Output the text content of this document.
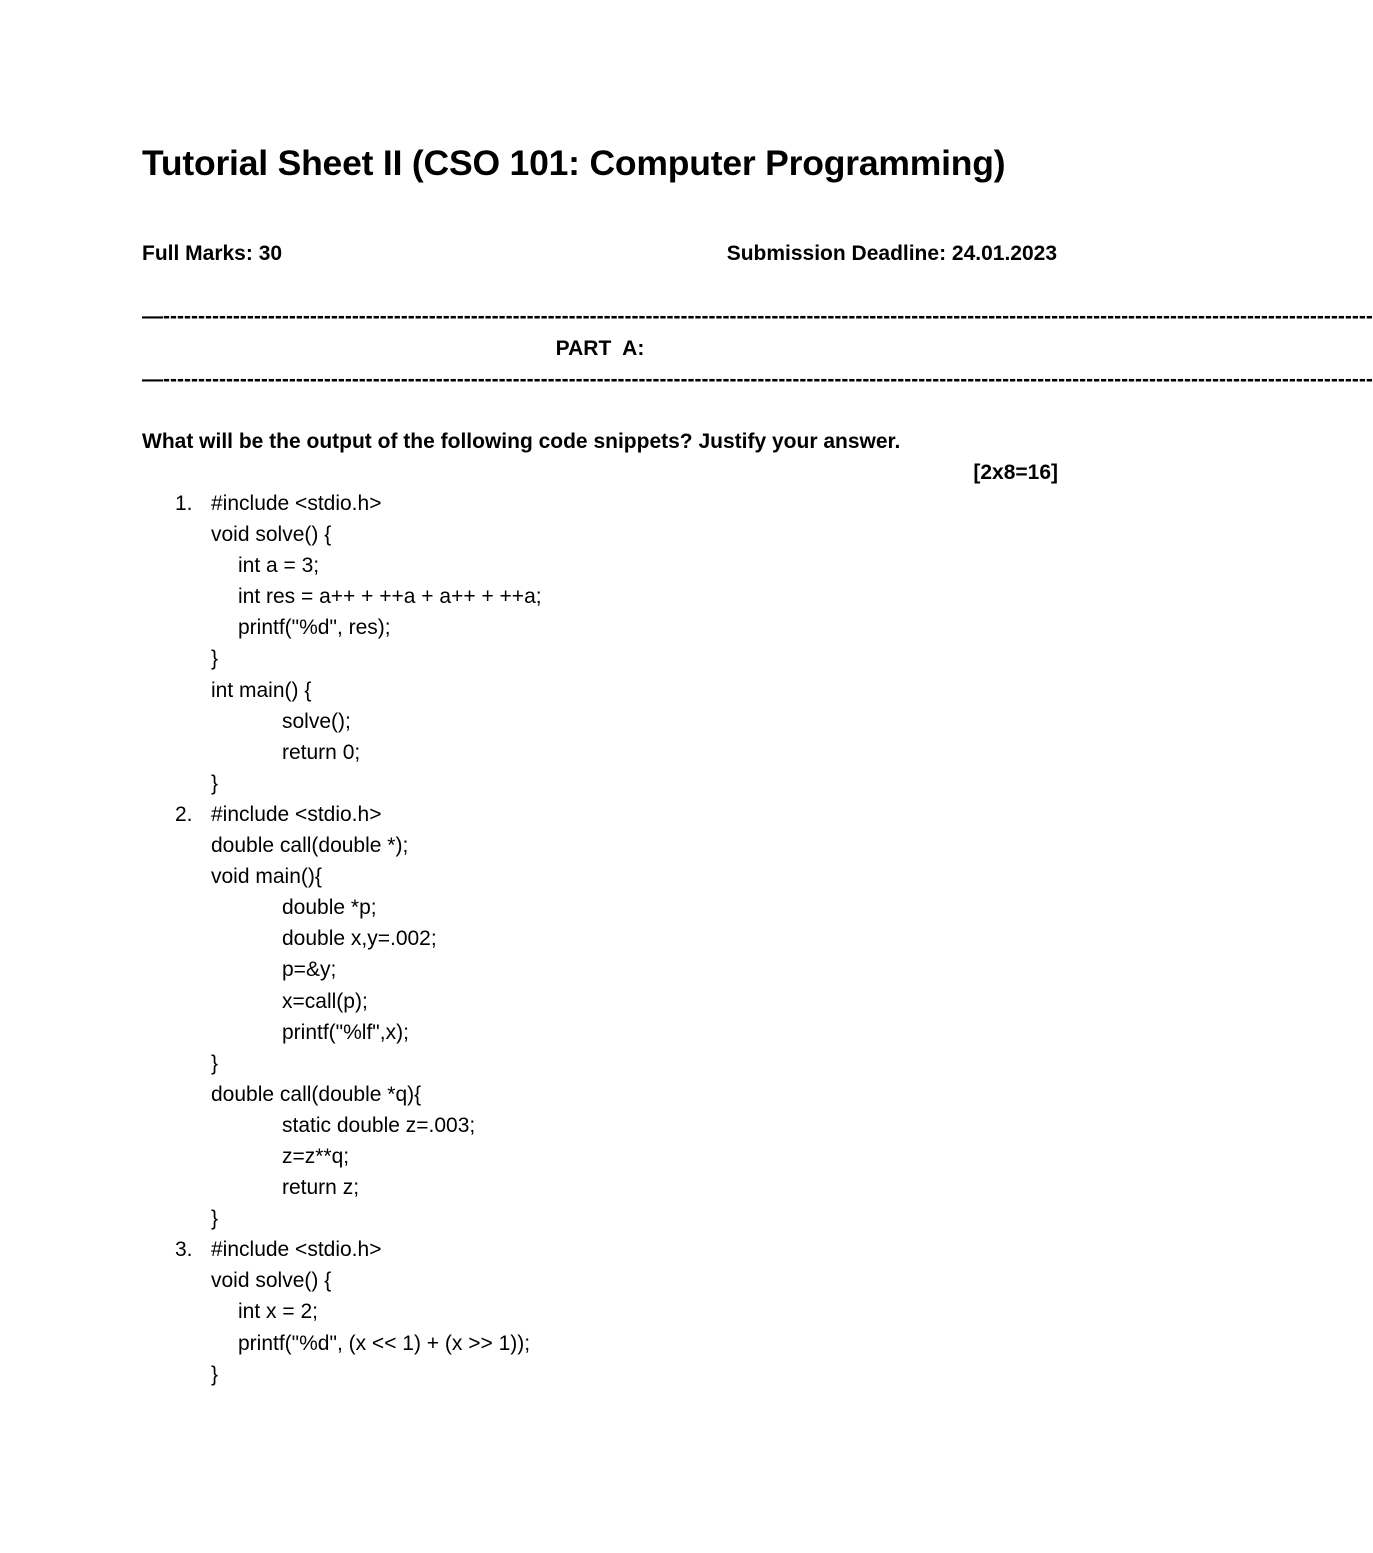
Tutorial Sheet II (CSO 101: Computer Programming)
Full Marks: 30	Submission Deadline: 24.01.2023
—-----------------------------------------------------------------------------------------------------------------------------------------------------------------------------
PART  A:
—-----------------------------------------------------------------------------------------------------------------------------------------------------------------------------
What will be the output of the following code snippets? Justify your answer.
[2x8=16]
1. #include <stdio.h>
void solve() {
int a = 3;
int res = a++ + ++a + a++ + ++a;
printf("%d", res);
}
int main() {
solve();
return 0;
}
2. #include <stdio.h>
double call(double *);
void main(){
double *p;
double x,y=.002;
p=&y;
x=call(p);
printf("%lf",x);
}
double call(double *q){
static double z=.003;
z=z**q;
return z;
}
3. #include <stdio.h>
void solve() {
int x = 2;
printf("%d", (x << 1) + (x >> 1));
}
